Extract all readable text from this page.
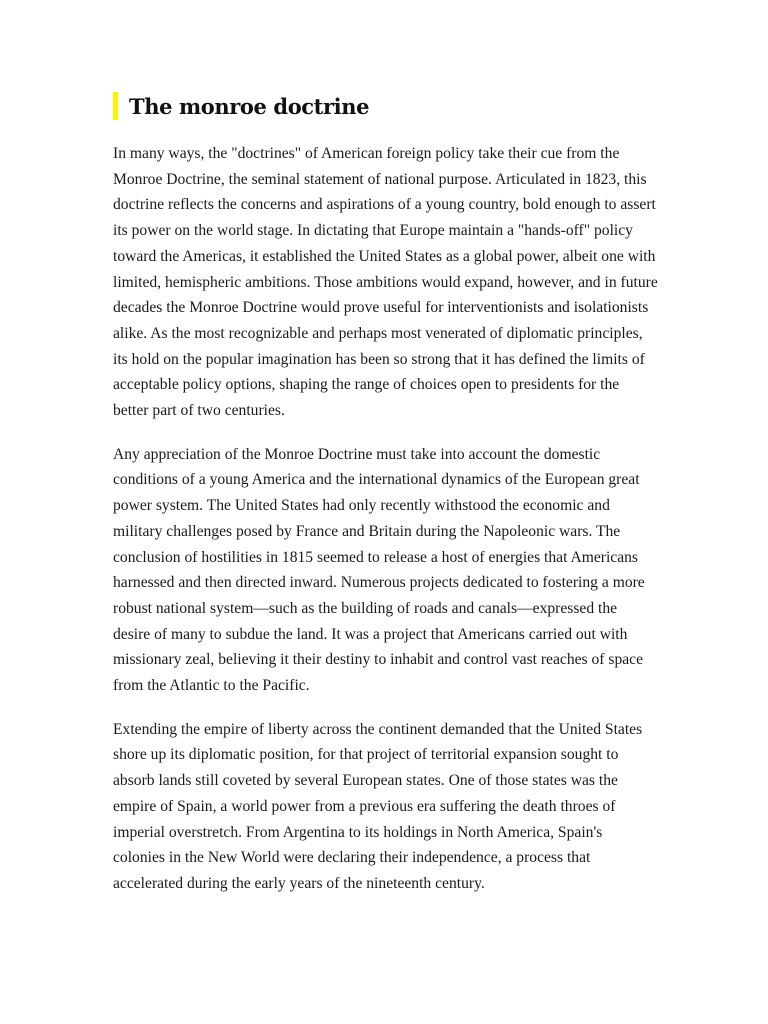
The monroe doctrine

In many ways, the "doctrines" of American foreign policy take their cue from the Monroe Doctrine, the seminal statement of national purpose. Articulated in 1823, this doctrine reflects the concerns and aspirations of a young country, bold enough to assert its power on the world stage. In dictating that Europe maintain a "hands-off" policy toward the Americas, it established the United States as a global power, albeit one with limited, hemispheric ambitions. Those ambitions would expand, however, and in future decades the Monroe Doctrine would prove useful for interventionists and isolationists alike. As the most recognizable and perhaps most venerated of diplomatic principles, its hold on the popular imagination has been so strong that it has defined the limits of acceptable policy options, shaping the range of choices open to presidents for the better part of two centuries.

Any appreciation of the Monroe Doctrine must take into account the domestic conditions of a young America and the international dynamics of the European great power system. The United States had only recently withstood the economic and military challenges posed by France and Britain during the Napoleonic wars. The conclusion of hostilities in 1815 seemed to release a host of energies that Americans harnessed and then directed inward. Numerous projects dedicated to fostering a more robust national system—such as the building of roads and canals—expressed the desire of many to subdue the land. It was a project that Americans carried out with missionary zeal, believing it their destiny to inhabit and control vast reaches of space from the Atlantic to the Pacific.

Extending the empire of liberty across the continent demanded that the United States shore up its diplomatic position, for that project of territorial expansion sought to absorb lands still coveted by several European states. One of those states was the empire of Spain, a world power from a previous era suffering the death throes of imperial overstretch. From Argentina to its holdings in North America, Spain's colonies in the New World were declaring their independence, a process that accelerated during the early years of the nineteenth century.
